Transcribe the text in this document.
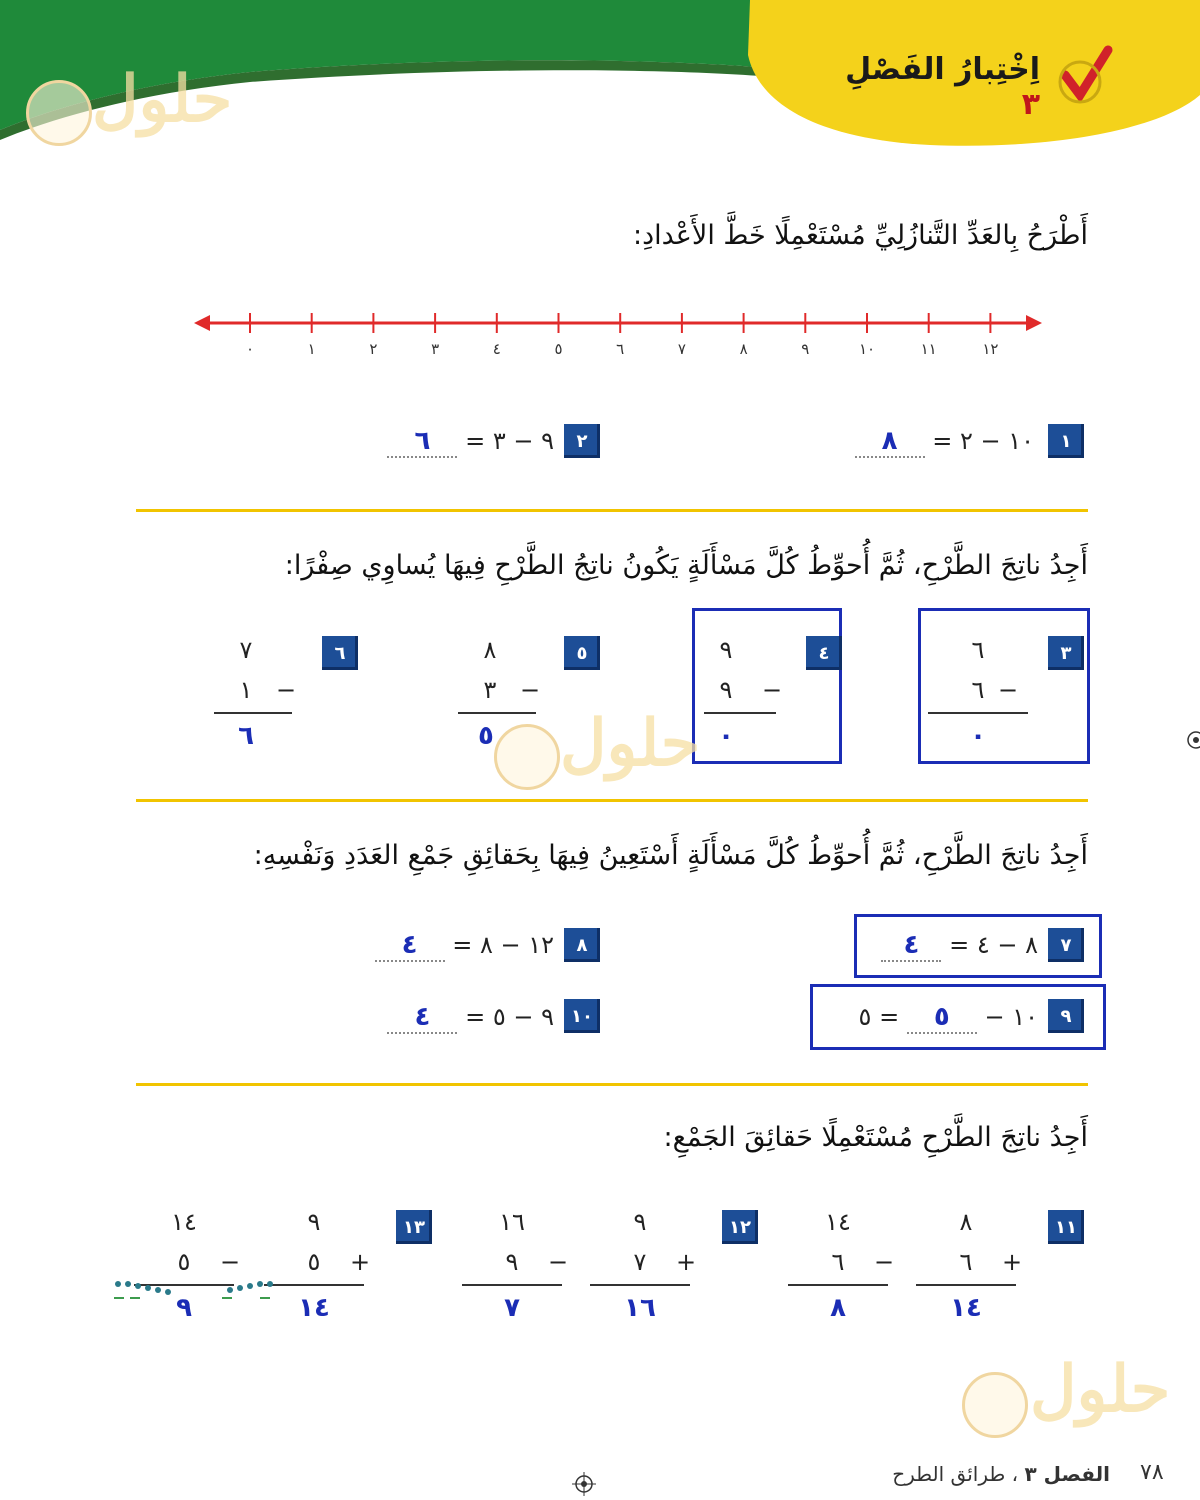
اِخْتِبارُ الفَصْلِ ٣
حلول
أَطْرَحُ بِالعَدِّ التَّنازُلِيِّ مُسْتَعْمِلًا خَطَّ الأَعْدادِ:
٠	١	٢	٣	٤	٥	٦	٧	٨	٩	١٠	١١	١٢
١
١٠ − ٢ = ٨
٢
٩ − ٣ = ٦
أَجِدُ ناتِجَ الطَّرْحِ، ثُمَّ أُحوِّطُ كُلَّ مَسْأَلَةٍ يَكُونُ ناتِجُ الطَّرْحِ فِيهَا يُساوِي صِفْرًا:
٣
٦
−
٦
٠
٤
٩
−
٩
٠
٥
٨
−
٣
٥
٦
٧
−
١
٦	حلول
أَجِدُ ناتِجَ الطَّرْحِ، ثُمَّ أُحوِّطُ كُلَّ مَسْأَلَةٍ أَسْتَعِينُ فِيهَا بِحَقائِقِ جَمْعِ العَدَدِ وَنَفْسِهِ:
٧
٨ − ٤ = ٤
٨
١٢ − ٨ = ٤
٩
١٠ − ٥ = ٥
١٠
٩ − ٥ = ٤
أَجِدُ ناتِجَ الطَّرْحِ مُسْتَعْمِلًا حَقائِقَ الجَمْعِ:
١١
٨
+
٦
١٤
١٤
−
٦
٨
١٢
٩
+
٧
١٦
١٦
−
٩
٧
١٣
٩
+
٥
١٤
١٤
−
٥
٩
حلول
٧٨
الفصل ٣ ، طرائق الطرح
